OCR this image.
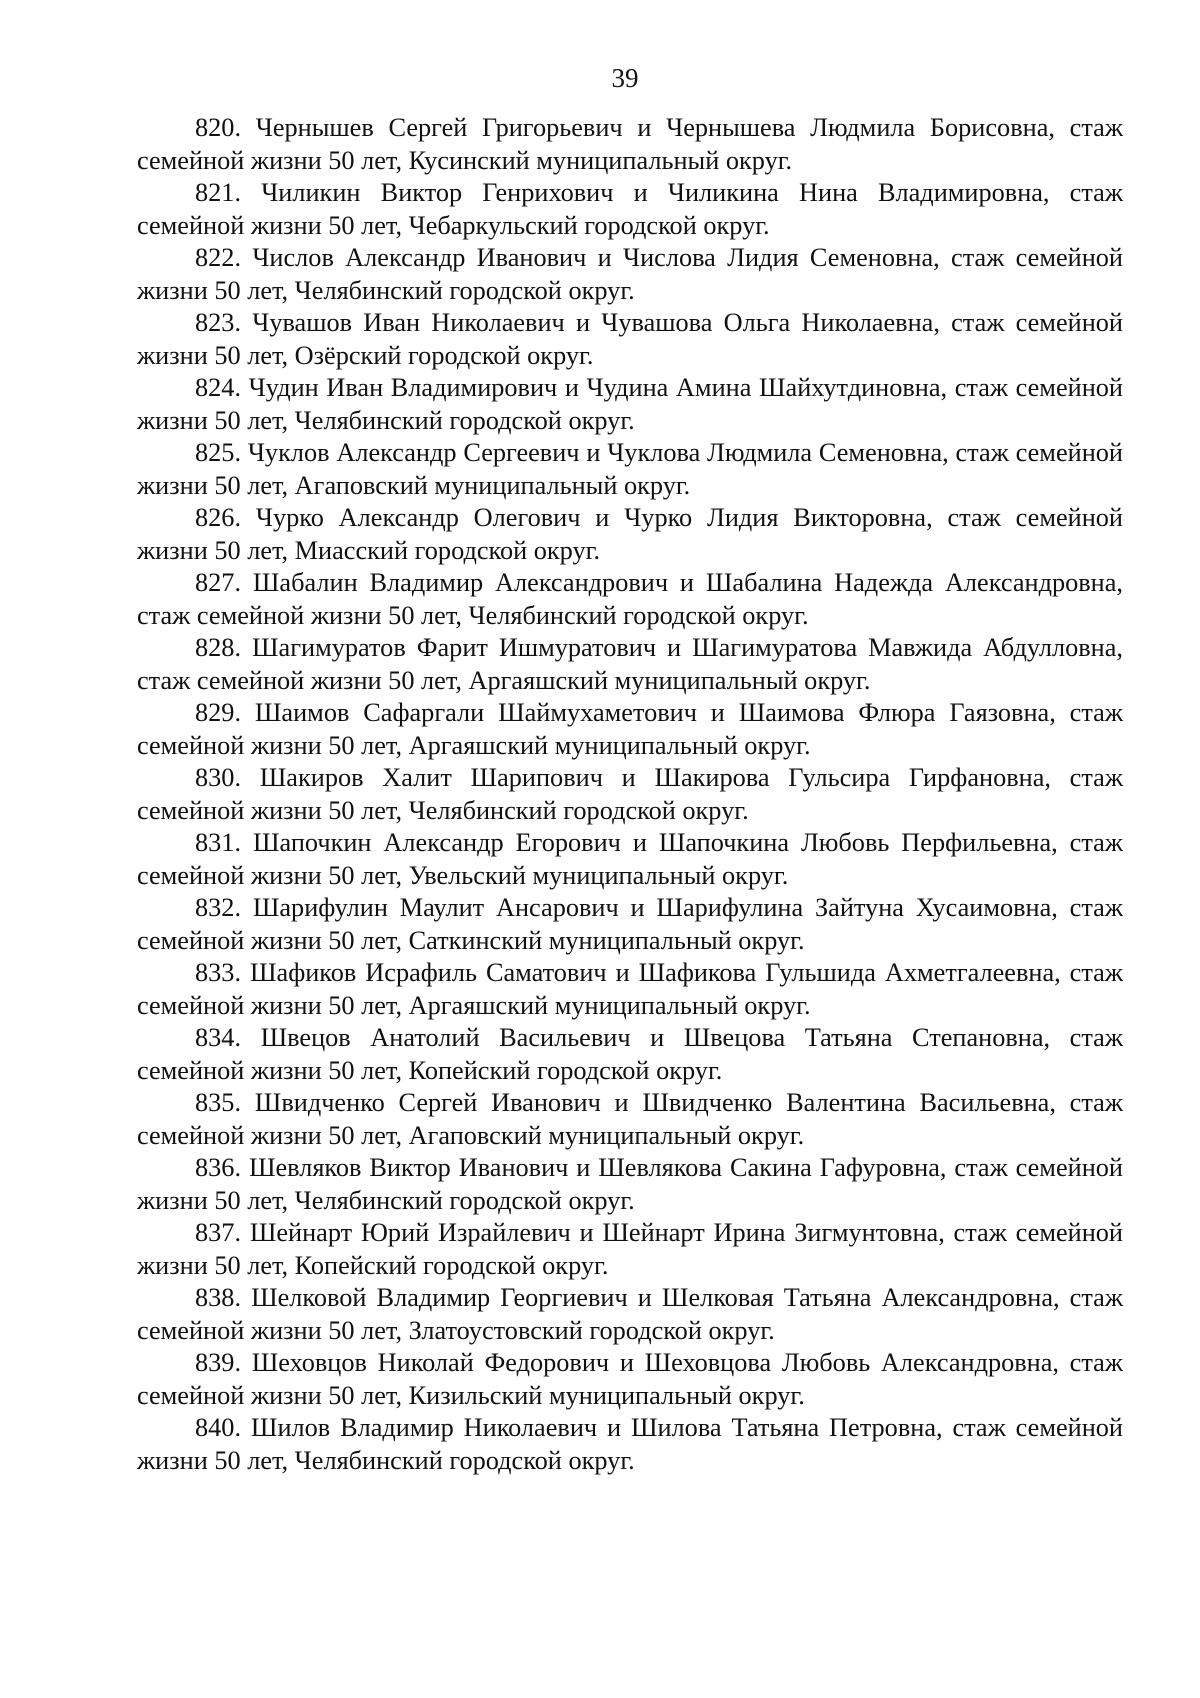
39

820. Чернышев Сергей Григорьевич и Чернышева Людмила Борисовна, стаж семейной жизни 50 лет, Кусинский муниципальный округ.

821. Чиликин Виктор Генрихович и Чиликина Нина Владимировна, стаж семейной жизни 50 лет, Чебаркульский городской округ.

822. Числов Александр Иванович и Числова Лидия Семеновна, стаж семейной жизни 50 лет, Челябинский городской округ.

823. Чувашов Иван Николаевич и Чувашова Ольга Николаевна, стаж семейной жизни 50 лет, Озёрский городской округ.

824. Чудин Иван Владимирович и Чудина Амина Шайхутдиновна, стаж семейной жизни 50 лет, Челябинский городской округ.

825. Чуклов Александр Сергеевич и Чуклова Людмила Семеновна, стаж семейной жизни 50 лет, Агаповский муниципальный округ.

826. Чурко Александр Олегович и Чурко Лидия Викторовна, стаж семейной жизни 50 лет, Миасский городской округ.

827. Шабалин Владимир Александрович и Шабалина Надежда Александровна, стаж семейной жизни 50 лет, Челябинский городской округ.

828. Шагимуратов Фарит Ишмуратович и Шагимуратова Мавжида Абдулловна, стаж семейной жизни 50 лет, Аргаяшский муниципальный округ.

829. Шаимов Сафаргали Шаймухаметович и Шаимова Флюра Гаязовна, стаж семейной жизни 50 лет, Аргаяшский муниципальный округ.

830. Шакиров Халит Шарипович и Шакирова Гульсира Гирфановна, стаж семейной жизни 50 лет, Челябинский городской округ.

831. Шапочкин Александр Егорович и Шапочкина Любовь Перфильевна, стаж семейной жизни 50 лет, Увельский муниципальный округ.

832. Шарифулин Маулит Ансарович и Шарифулина Зайтуна Хусаимовна, стаж семейной жизни 50 лет, Саткинский муниципальный округ.

833. Шафиков Исрафиль Саматович и Шафикова Гульшида Ахметгалеевна, стаж семейной жизни 50 лет, Аргаяшский муниципальный округ.

834. Швецов Анатолий Васильевич и Швецова Татьяна Степановна, стаж семейной жизни 50 лет, Копейский городской округ.

835. Швидченко Сергей Иванович и Швидченко Валентина Васильевна, стаж семейной жизни 50 лет, Агаповский муниципальный округ.

836. Шевляков Виктор Иванович и Шевлякова Сакина Гафуровна, стаж семейной жизни 50 лет, Челябинский городской округ.

837. Шейнарт Юрий Израйлевич и Шейнарт Ирина Зигмунтовна, стаж семейной жизни 50 лет, Копейский городской округ.

838. Шелковой Владимир Георгиевич и Шелковая Татьяна Александровна, стаж семейной жизни 50 лет, Златоустовский городской округ.

839. Шеховцов Николай Федорович и Шеховцова Любовь Александровна, стаж семейной жизни 50 лет, Кизильский муниципальный округ.

840. Шилов Владимир Николаевич и Шилова Татьяна Петровна, стаж семейной жизни 50 лет, Челябинский городской округ.
